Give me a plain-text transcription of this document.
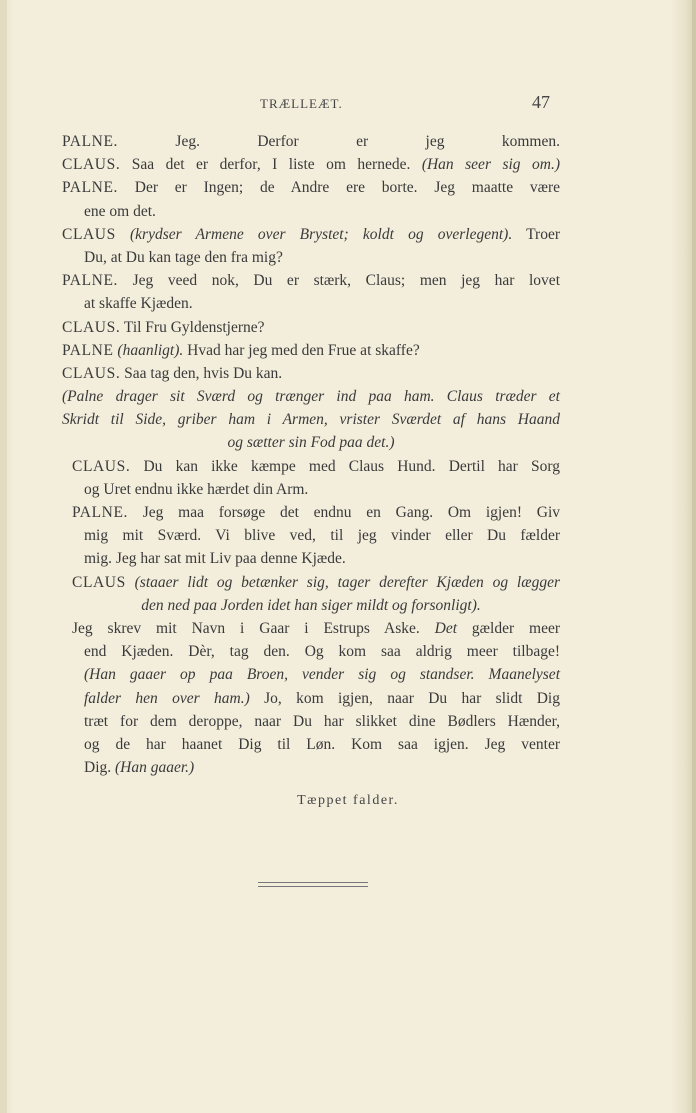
TRÆLLEÆT.	47
PALNE. Jeg. Derfor er jeg kommen.
CLAUS. Saa det er derfor, I liste om hernede. (Han seer sig om.)
PALNE. Der er Ingen; de Andre ere borte. Jeg maatte være
ene om det.
CLAUS (krydser Armene over Brystet; koldt og overlegent). Troer
Du, at Du kan tage den fra mig?
PALNE. Jeg veed nok, Du er stærk, Claus; men jeg har lovet
at skaffe Kjæden.
CLAUS. Til Fru Gyldenstjerne?
PALNE (haanligt). Hvad har jeg med den Frue at skaffe?
CLAUS. Saa tag den, hvis Du kan.
(Palne drager sit Sværd og trænger ind paa ham. Claus træder et
Skridt til Side, griber ham i Armen, vrister Sværdet af hans Haand
og sætter sin Fod paa det.)
CLAUS. Du kan ikke kæmpe med Claus Hund. Dertil har Sorg
og Uret endnu ikke hærdet din Arm.
PALNE. Jeg maa forsøge det endnu en Gang. Om igjen! Giv
mig mit Sværd. Vi blive ved, til jeg vinder eller Du fælder
mig. Jeg har sat mit Liv paa denne Kjæde.
CLAUS (staaer lidt og betænker sig, tager derefter Kjæden og lægger
den ned paa Jorden idet han siger mildt og forsonligt).
Jeg skrev mit Navn i Gaar i Estrups Aske. Det gælder meer
end Kjæden. Dèr, tag den. Og kom saa aldrig meer tilbage!
(Han gaaer op paa Broen, vender sig og standser. Maanelyset
falder hen over ham.) Jo, kom igjen, naar Du har slidt Dig
træt for dem deroppe, naar Du har slikket dine Bødlers Hænder,
og de har haanet Dig til Løn. Kom saa igjen. Jeg venter
Dig. (Han gaaer.)
Tæppet falder.
